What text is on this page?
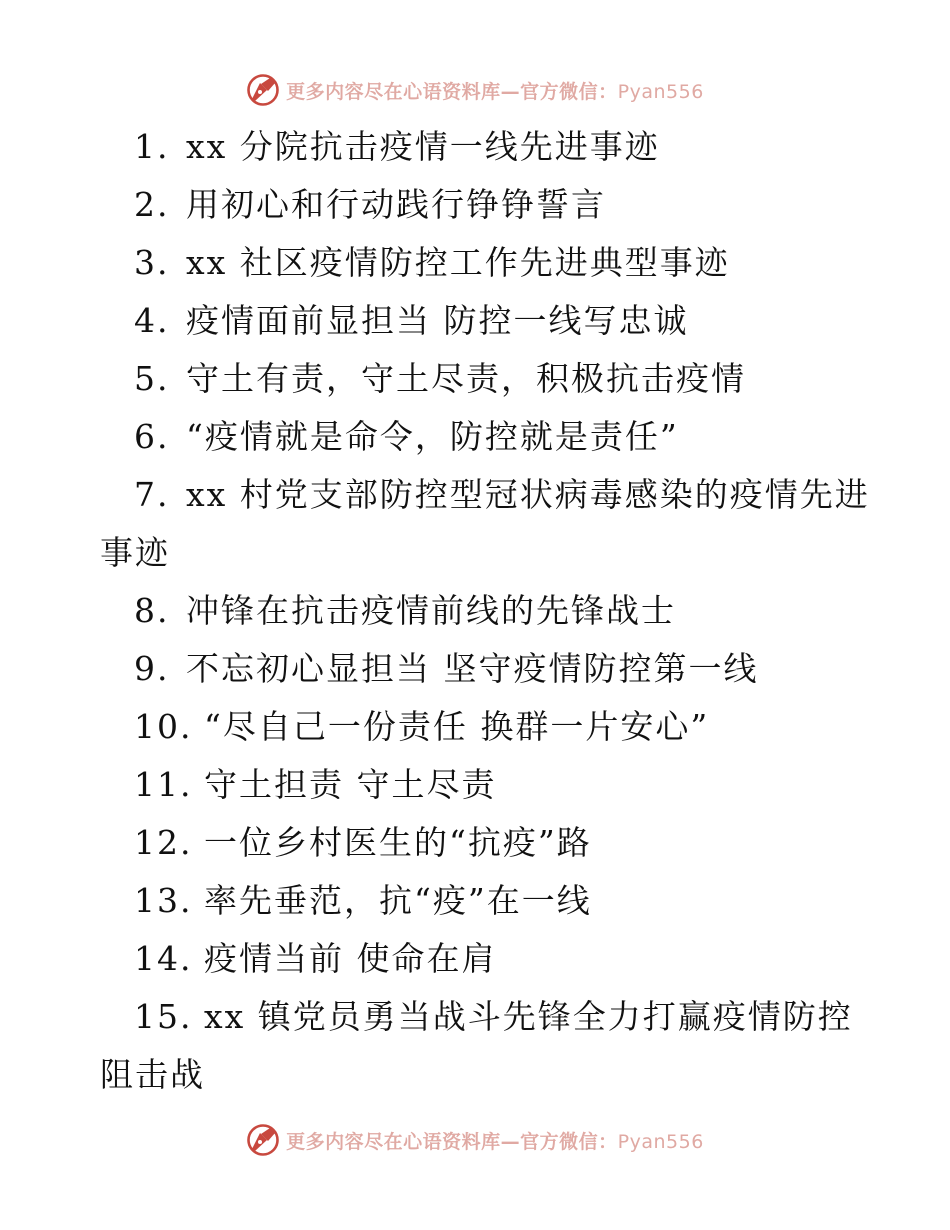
更多内容尽在心语资料库—官方微信：Pyan556
1. xx 分院抗击疫情一线先进事迹
2. 用初心和行动践行铮铮誓言
3. xx 社区疫情防控工作先进典型事迹
4. 疫情面前显担当 防控一线写忠诚
5. 守土有责，守土尽责，积极抗击疫情
6. “疫情就是命令，防控就是责任”
7. xx 村党支部防控型冠状病毒感染的疫情先进
事迹
8. 冲锋在抗击疫情前线的先锋战士
9. 不忘初心显担当 坚守疫情防控第一线
10. “尽自己一份责任 换群一片安心”
11. 守土担责 守土尽责
12. 一位乡村医生的“抗疫”路
13. 率先垂范，抗“疫”在一线
14. 疫情当前 使命在肩
15. xx 镇党员勇当战斗先锋全力打赢疫情防控
阻击战
更多内容尽在心语资料库—官方微信：Pyan556
